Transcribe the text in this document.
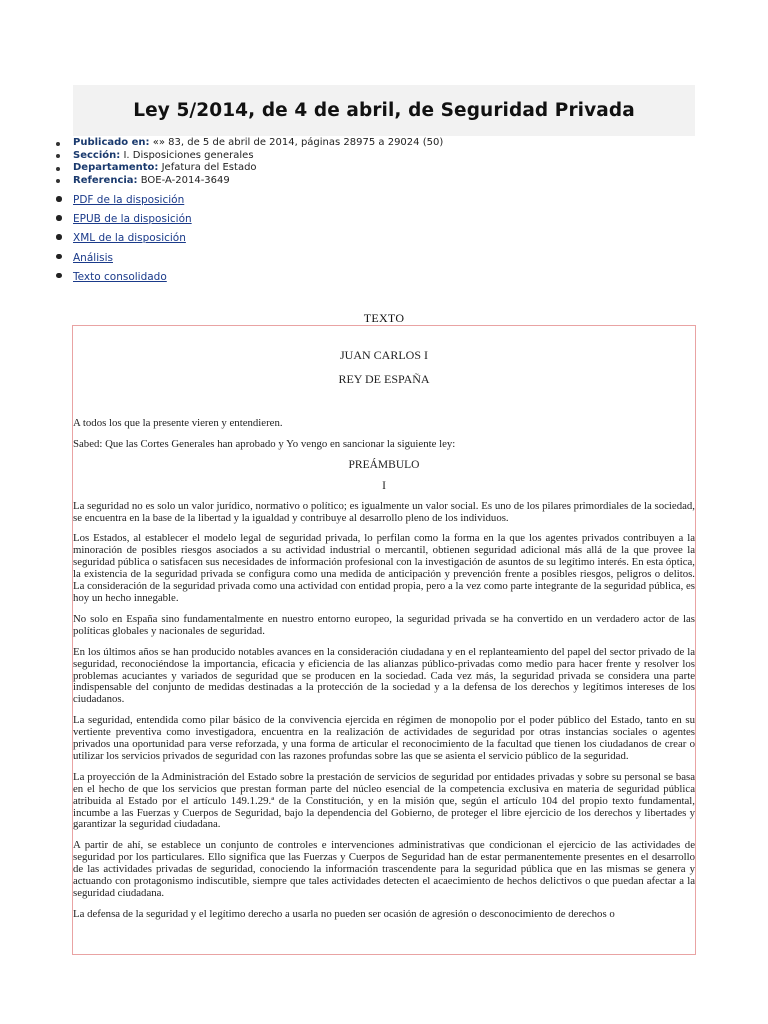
Ley 5/2014, de 4 de abril, de Seguridad Privada
Publicado en: «» 83, de 5 de abril de 2014, páginas 28975 a 29024 (50)
Sección: I. Disposiciones generales
Departamento: Jefatura del Estado
Referencia: BOE-A-2014-3649
PDF de la disposición
EPUB de la disposición
XML de la disposición
Análisis
Texto consolidado
TEXTO
JUAN CARLOS I
REY DE ESPAÑA

A todos los que la presente vieren y entendieren.

Sabed: Que las Cortes Generales han aprobado y Yo vengo en sancionar la siguiente ley:

PREÁMBULO

I

La seguridad no es solo un valor jurídico, normativo o político; es igualmente un valor social. Es uno de los pilares primordiales de la sociedad, se encuentra en la base de la libertad y la igualdad y contribuye al desarrollo pleno de los individuos.

Los Estados, al establecer el modelo legal de seguridad privada, lo perfilan como la forma en la que los agentes privados contribuyen a la minoración de posibles riesgos asociados a su actividad industrial o mercantil, obtienen seguridad adicional más allá de la que provee la seguridad pública o satisfacen sus necesidades de información profesional con la investigación de asuntos de su legítimo interés. En esta óptica, la existencia de la seguridad privada se configura como una medida de anticipación y prevención frente a posibles riesgos, peligros o delitos. La consideración de la seguridad privada como una actividad con entidad propia, pero a la vez como parte integrante de la seguridad pública, es hoy un hecho innegable.

No solo en España sino fundamentalmente en nuestro entorno europeo, la seguridad privada se ha convertido en un verdadero actor de las políticas globales y nacionales de seguridad.

En los últimos años se han producido notables avances en la consideración ciudadana y en el replanteamiento del papel del sector privado de la seguridad, reconociéndose la importancia, eficacia y eficiencia de las alianzas público-privadas como medio para hacer frente y resolver los problemas acuciantes y variados de seguridad que se producen en la sociedad. Cada vez más, la seguridad privada se considera una parte indispensable del conjunto de medidas destinadas a la protección de la sociedad y a la defensa de los derechos y legítimos intereses de los ciudadanos.

La seguridad, entendida como pilar básico de la convivencia ejercida en régimen de monopolio por el poder público del Estado, tanto en su vertiente preventiva como investigadora, encuentra en la realización de actividades de seguridad por otras instancias sociales o agentes privados una oportunidad para verse reforzada, y una forma de articular el reconocimiento de la facultad que tienen los ciudadanos de crear o utilizar los servicios privados de seguridad con las razones profundas sobre las que se asienta el servicio público de la seguridad.

La proyección de la Administración del Estado sobre la prestación de servicios de seguridad por entidades privadas y sobre su personal se basa en el hecho de que los servicios que prestan forman parte del núcleo esencial de la competencia exclusiva en materia de seguridad pública atribuida al Estado por el artículo 149.1.29.ª de la Constitución, y en la misión que, según el artículo 104 del propio texto fundamental, incumbe a las Fuerzas y Cuerpos de Seguridad, bajo la dependencia del Gobierno, de proteger el libre ejercicio de los derechos y libertades y garantizar la seguridad ciudadana.

A partir de ahí, se establece un conjunto de controles e intervenciones administrativas que condicionan el ejercicio de las actividades de seguridad por los particulares. Ello significa que las Fuerzas y Cuerpos de Seguridad han de estar permanentemente presentes en el desarrollo de las actividades privadas de seguridad, conociendo la información trascendente para la seguridad pública que en las mismas se genera y actuando con protagonismo indiscutible, siempre que tales actividades detecten el acaecimiento de hechos delictivos o que puedan afectar a la seguridad ciudadana.

La defensa de la seguridad y el legítimo derecho a usarla no pueden ser ocasión de agresión o desconocimiento de derechos o
